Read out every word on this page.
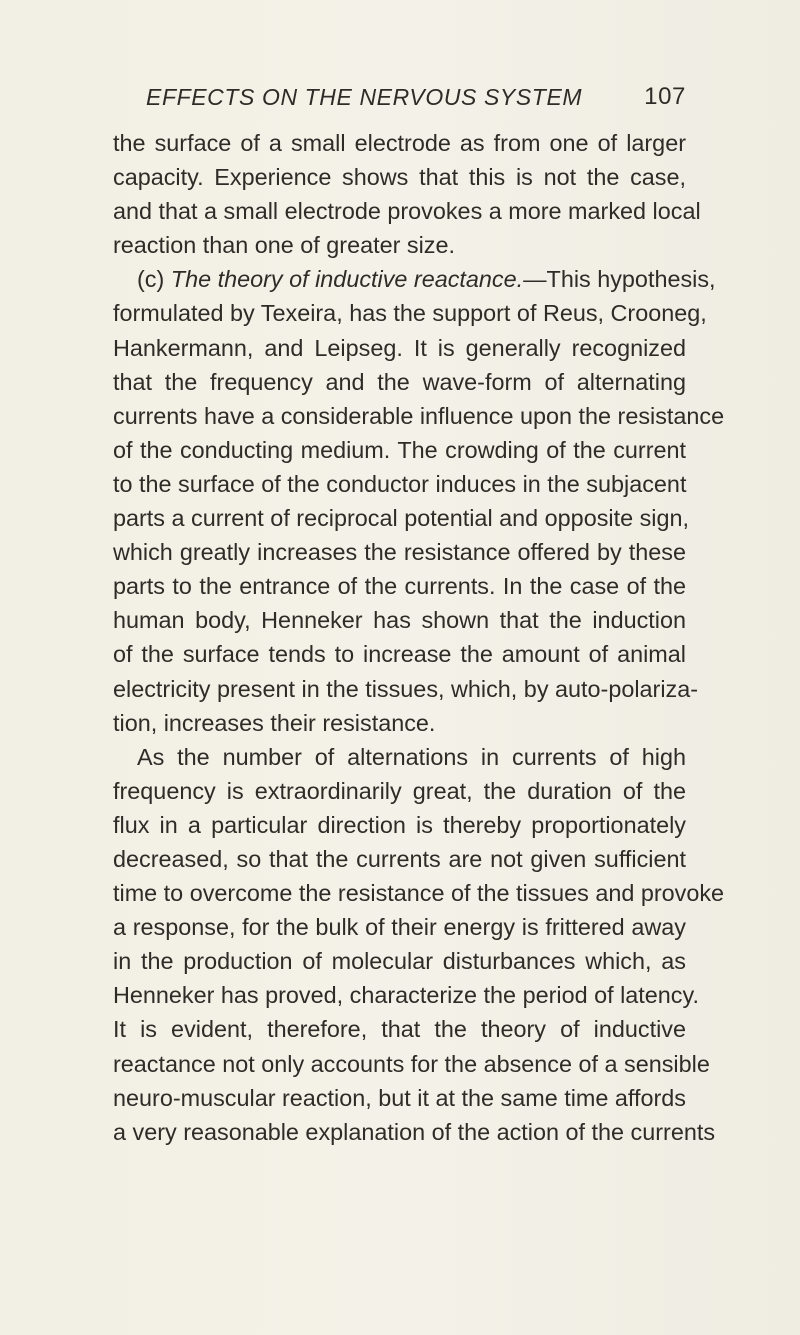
EFFECTS ON THE NERVOUS SYSTEM	107
the surface of a small electrode as from one of larger
capacity. Experience shows that this is not the case,
and that a small electrode provokes a more marked local
reaction than one of greater size.
(c) The theory of inductive reactance.—This hypothesis,
formulated by Texeira, has the support of Reus, Crooneg,
Hankermann, and Leipseg. It is generally recognized
that the frequency and the wave-form of alternating
currents have a considerable influence upon the resistance
of the conducting medium. The crowding of the current
to the surface of the conductor induces in the subjacent
parts a current of reciprocal potential and opposite sign,
which greatly increases the resistance offered by these
parts to the entrance of the currents. In the case of the
human body, Henneker has shown that the induction
of the surface tends to increase the amount of animal
electricity present in the tissues, which, by auto-polariza-
tion, increases their resistance.
As the number of alternations in currents of high
frequency is extraordinarily great, the duration of the
flux in a particular direction is thereby proportionately
decreased, so that the currents are not given sufficient
time to overcome the resistance of the tissues and provoke
a response, for the bulk of their energy is frittered away
in the production of molecular disturbances which, as
Henneker has proved, characterize the period of latency.
It is evident, therefore, that the theory of inductive
reactance not only accounts for the absence of a sensible
neuro-muscular reaction, but it at the same time affords
a very reasonable explanation of the action of the currents
